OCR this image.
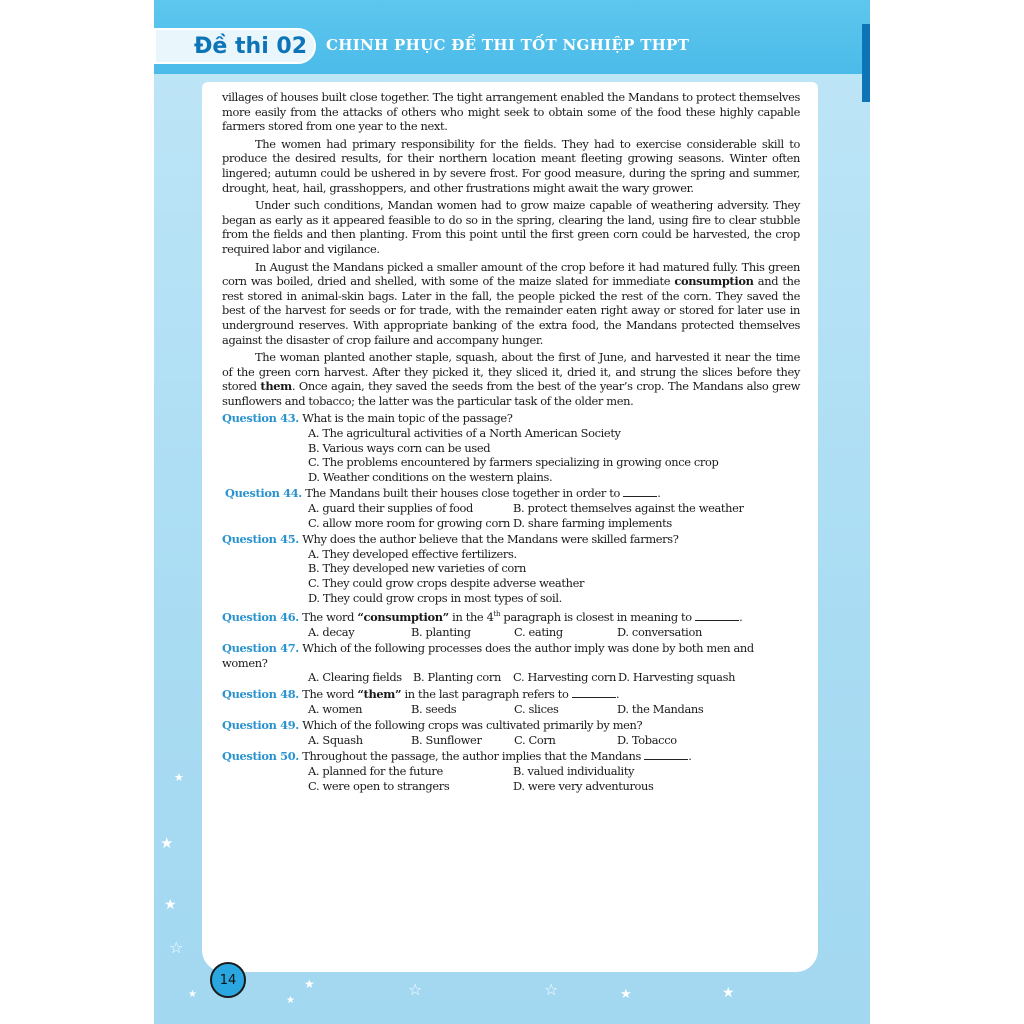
Đề thi 02 CHINH PHỤC ĐỀ THI TỐT NGHIỆP THPT

villages of houses built close together. The tight arrangement enabled the Mandans to protect themselves more easily from the attacks of others who might seek to obtain some of the food these highly capable farmers stored from one year to the next.

The women had primary responsibility for the fields. They had to exercise considerable skill to produce the desired results, for their northern location meant fleeting growing seasons. Winter often lingered; autumn could be ushered in by severe frost. For good measure, during the spring and summer, drought, heat, hail, grasshoppers, and other frustrations might await the wary grower.

Under such conditions, Mandan women had to grow maize capable of weathering adversity. They began as early as it appeared feasible to do so in the spring, clearing the land, using fire to clear stubble from the fields and then planting. From this point until the first green corn could be harvested, the crop required labor and vigilance.

In August the Mandans picked a smaller amount of the crop before it had matured fully. This green corn was boiled, dried and shelled, with some of the maize slated for immediate consumption and the rest stored in animal-skin bags. Later in the fall, the people picked the rest of the corn. They saved the best of the harvest for seeds or for trade, with the remainder eaten right away or stored for later use in underground reserves. With appropriate banking of the extra food, the Mandans protected themselves against the disaster of crop failure and accompany hunger.

The woman planted another staple, squash, about the first of June, and harvested it near the time of the green corn harvest. After they picked it, they sliced it, dried it, and strung the slices before they stored them. Once again, they saved the seeds from the best of the year’s crop. The Mandans also grew sunflowers and tobacco; the latter was the particular task of the older men.

Question 43. What is the main topic of the passage?
A. The agricultural activities of a North American Society
B. Various ways corn can be used
C. The problems encountered by farmers specializing in growing once crop
D. Weather conditions on the western plains.
Question 44. The Mandans built their houses close together in order to	.
A. guard their supplies of food	B. protect themselves against the weather
C. allow more room for growing corn D. share farming implements
Question 45. Why does the author believe that the Mandans were skilled farmers?
A. They developed effective fertilizers.
B. They developed new varieties of corn
C. They could grow crops despite adverse weather
D. They could grow crops in most types of soil.
Question 46. The word “consumption” in the 4th paragraph is closest in meaning to	.
A. decay	B. planting	C. eating	D. conversation
Question 47. Which of the following processes does the author imply was done by both men and women?
A. Clearing fields B. Planting corn	C. Harvesting corn D. Harvesting squash
Question 48. The word “them” in the last paragraph refers to	.
A. women	B. seeds	C. slices	D. the Mandans
Question 49. Which of the following crops was cultivated primarily by men?
A. Squash	B. Sunflower	C. Corn	D. Tobacco
Question 50. Throughout the passage, the author implies that the Mandans	.
A. planned for the future	B. valued individuality
C. were open to strangers	D. were very adventurous
14
★
★
★
☆
★
★
★	☆	☆	★	★
